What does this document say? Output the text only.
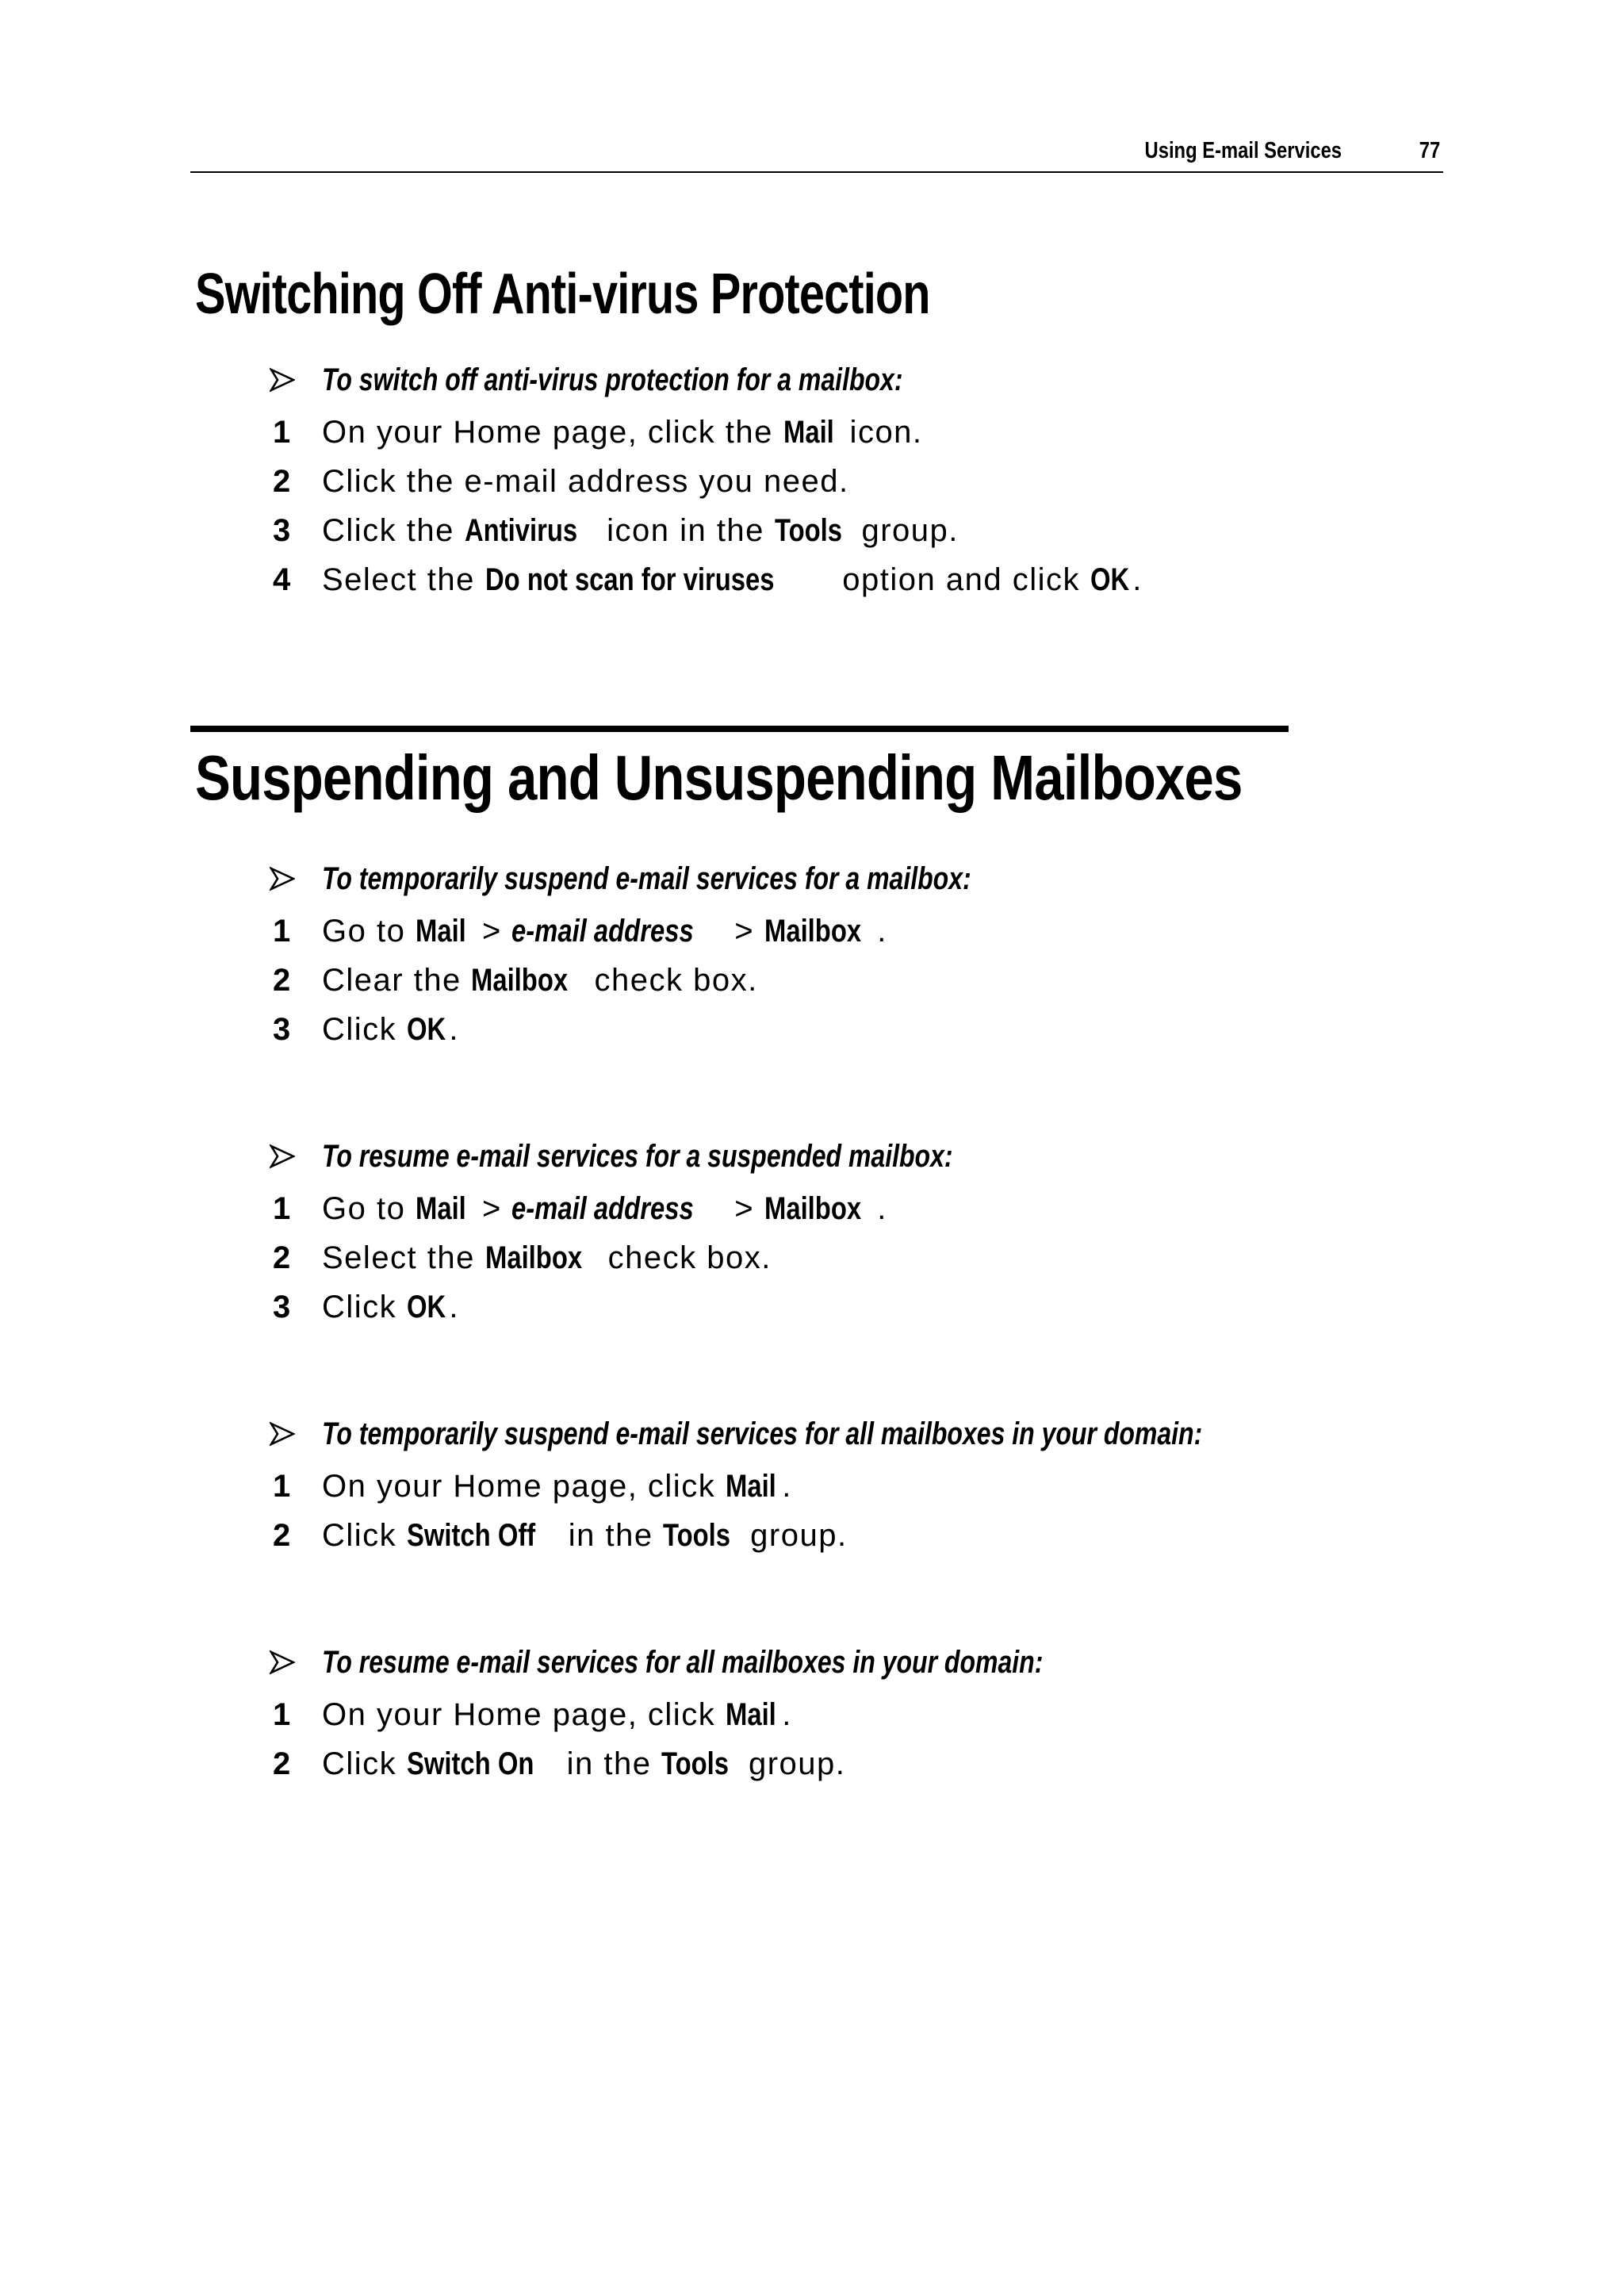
Using E-mail Services	77
Switching Off Anti-virus Protection
To switch off anti-virus protection for a mailbox:
1 On your Home page, click the Mail icon.
2 Click the e-mail address you need.
3 Click the Antivirus icon in the Tools group.
4 Select the Do not scan for viruses option and click OK .
Suspending and Unsuspending Mailboxes
To temporarily suspend e-mail services for a mailbox:
1 Go to Mail > e-mail address > Mailbox .
2 Clear the Mailbox check box.
3 Click OK .
To resume e-mail services for a suspended mailbox:
1 Go to Mail > e-mail address > Mailbox .
2 Select the Mailbox check box.
3 Click OK .
To temporarily suspend e-mail services for all mailboxes in your domain:
1 On your Home page, click Mail .
2 Click Switch Off in the Tools group.
To resume e-mail services for all mailboxes in your domain:
1 On your Home page, click Mail .
2 Click Switch On in the Tools group.
